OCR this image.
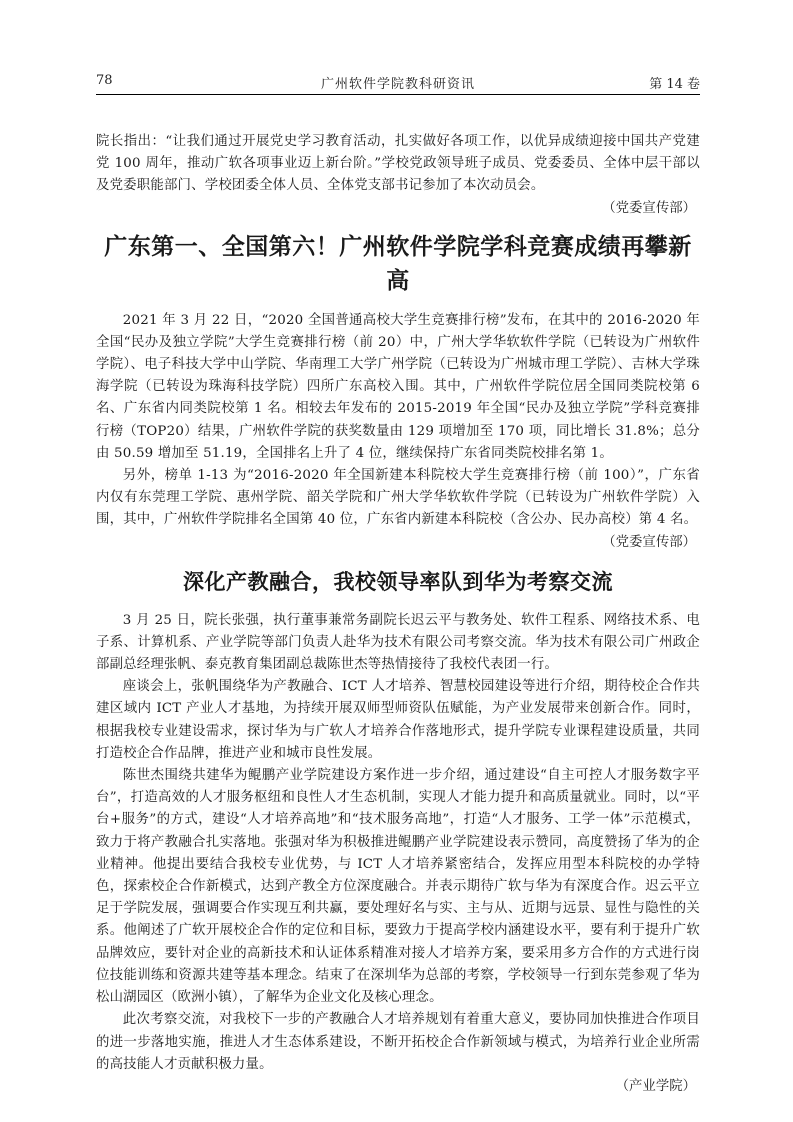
78	广州软件学院教科研资讯	第 14 卷

院长指出：“让我们通过开展党史学习教育活动，扎实做好各项工作，以优异成绩迎接中国共产党建党 100 周年，推动广软各项事业迈上新台阶。”学校党政领导班子成员、党委委员、全体中层干部以及党委职能部门、学校团委全体人员、全体党支部书记参加了本次动员会。

（党委宣传部）
广东第一、全国第六！广州软件学院学科竞赛成绩再攀新高

2021 年 3 月 22 日，“2020 全国普通高校大学生竞赛排行榜”发布，在其中的 2016-2020 年全国“民办及独立学院”大学生竞赛排行榜（前 20）中，广州大学华软软件学院（已转设为广州软件学院）、电子科技大学中山学院、华南理工大学广州学院（已转设为广州城市理工学院）、吉林大学珠海学院（已转设为珠海科技学院）四所广东高校入围。其中，广州软件学院位居全国同类院校第 6 名、广东省内同类院校第 1 名。相较去年发布的 2015-2019 年全国“民办及独立学院”学科竞赛排行榜（TOP20）结果，广州软件学院的获奖数量由 129 项增加至 170 项，同比增长 31.8%；总分由 50.59 增加至 51.19，全国排名上升了 4 位，继续保持广东省同类院校排名第 1。

另外，榜单 1-13 为“2016-2020 年全国新建本科院校大学生竞赛排行榜（前 100）”，广东省内仅有东莞理工学院、惠州学院、韶关学院和广州大学华软软件学院（已转设为广州软件学院）入围，其中，广州软件学院排名全国第 40 位，广东省内新建本科院校（含公办、民办高校）第 4 名。

（党委宣传部）
深化产教融合，我校领导率队到华为考察交流

3 月 25 日，院长张强，执行董事兼常务副院长迟云平与教务处、软件工程系、网络技术系、电子系、计算机系、产业学院等部门负责人赴华为技术有限公司考察交流。华为技术有限公司广州政企部副总经理张帆、泰克教育集团副总裁陈世杰等热情接待了我校代表团一行。

座谈会上，张帆围绕华为产教融合、ICT 人才培养、智慧校园建设等进行介绍，期待校企合作共建区域内 ICT 产业人才基地，为持续开展双师型师资队伍赋能，为产业发展带来创新合作。同时，根据我校专业建设需求，探讨华为与广软人才培养合作落地形式，提升学院专业课程建设质量，共同打造校企合作品牌，推进产业和城市良性发展。

陈世杰围绕共建华为鲲鹏产业学院建设方案作进一步介绍，通过建设“自主可控人才服务数字平台”，打造高效的人才服务枢纽和良性人才生态机制，实现人才能力提升和高质量就业。同时，以“平台+服务”的方式，建设“人才培养高地”和“技术服务高地”，打造“人才服务、工学一体”示范模式，致力于将产教融合扎实落地。张强对华为积极推进鲲鹏产业学院建设表示赞同，高度赞扬了华为的企业精神。他提出要结合我校专业优势，与 ICT 人才培养紧密结合，发挥应用型本科院校的办学特色，探索校企合作新模式，达到产教全方位深度融合。并表示期待广软与华为有深度合作。迟云平立足于学院发展，强调要合作实现互利共赢，要处理好名与实、主与从、近期与远景、显性与隐性的关系。他阐述了广软开展校企合作的定位和目标，要致力于提高学校内涵建设水平，要有利于提升广软品牌效应，要针对企业的高新技术和认证体系精准对接人才培养方案，要采用多方合作的方式进行岗位技能训练和资源共建等基本理念。结束了在深圳华为总部的考察，学校领导一行到东莞参观了华为松山湖园区（欧洲小镇），了解华为企业文化及核心理念。

此次考察交流，对我校下一步的产教融合人才培养规划有着重大意义，要协同加快推进合作项目的进一步落地实施，推进人才生态体系建设，不断开拓校企合作新领域与模式，为培养行业企业所需的高技能人才贡献积极力量。

（产业学院）
